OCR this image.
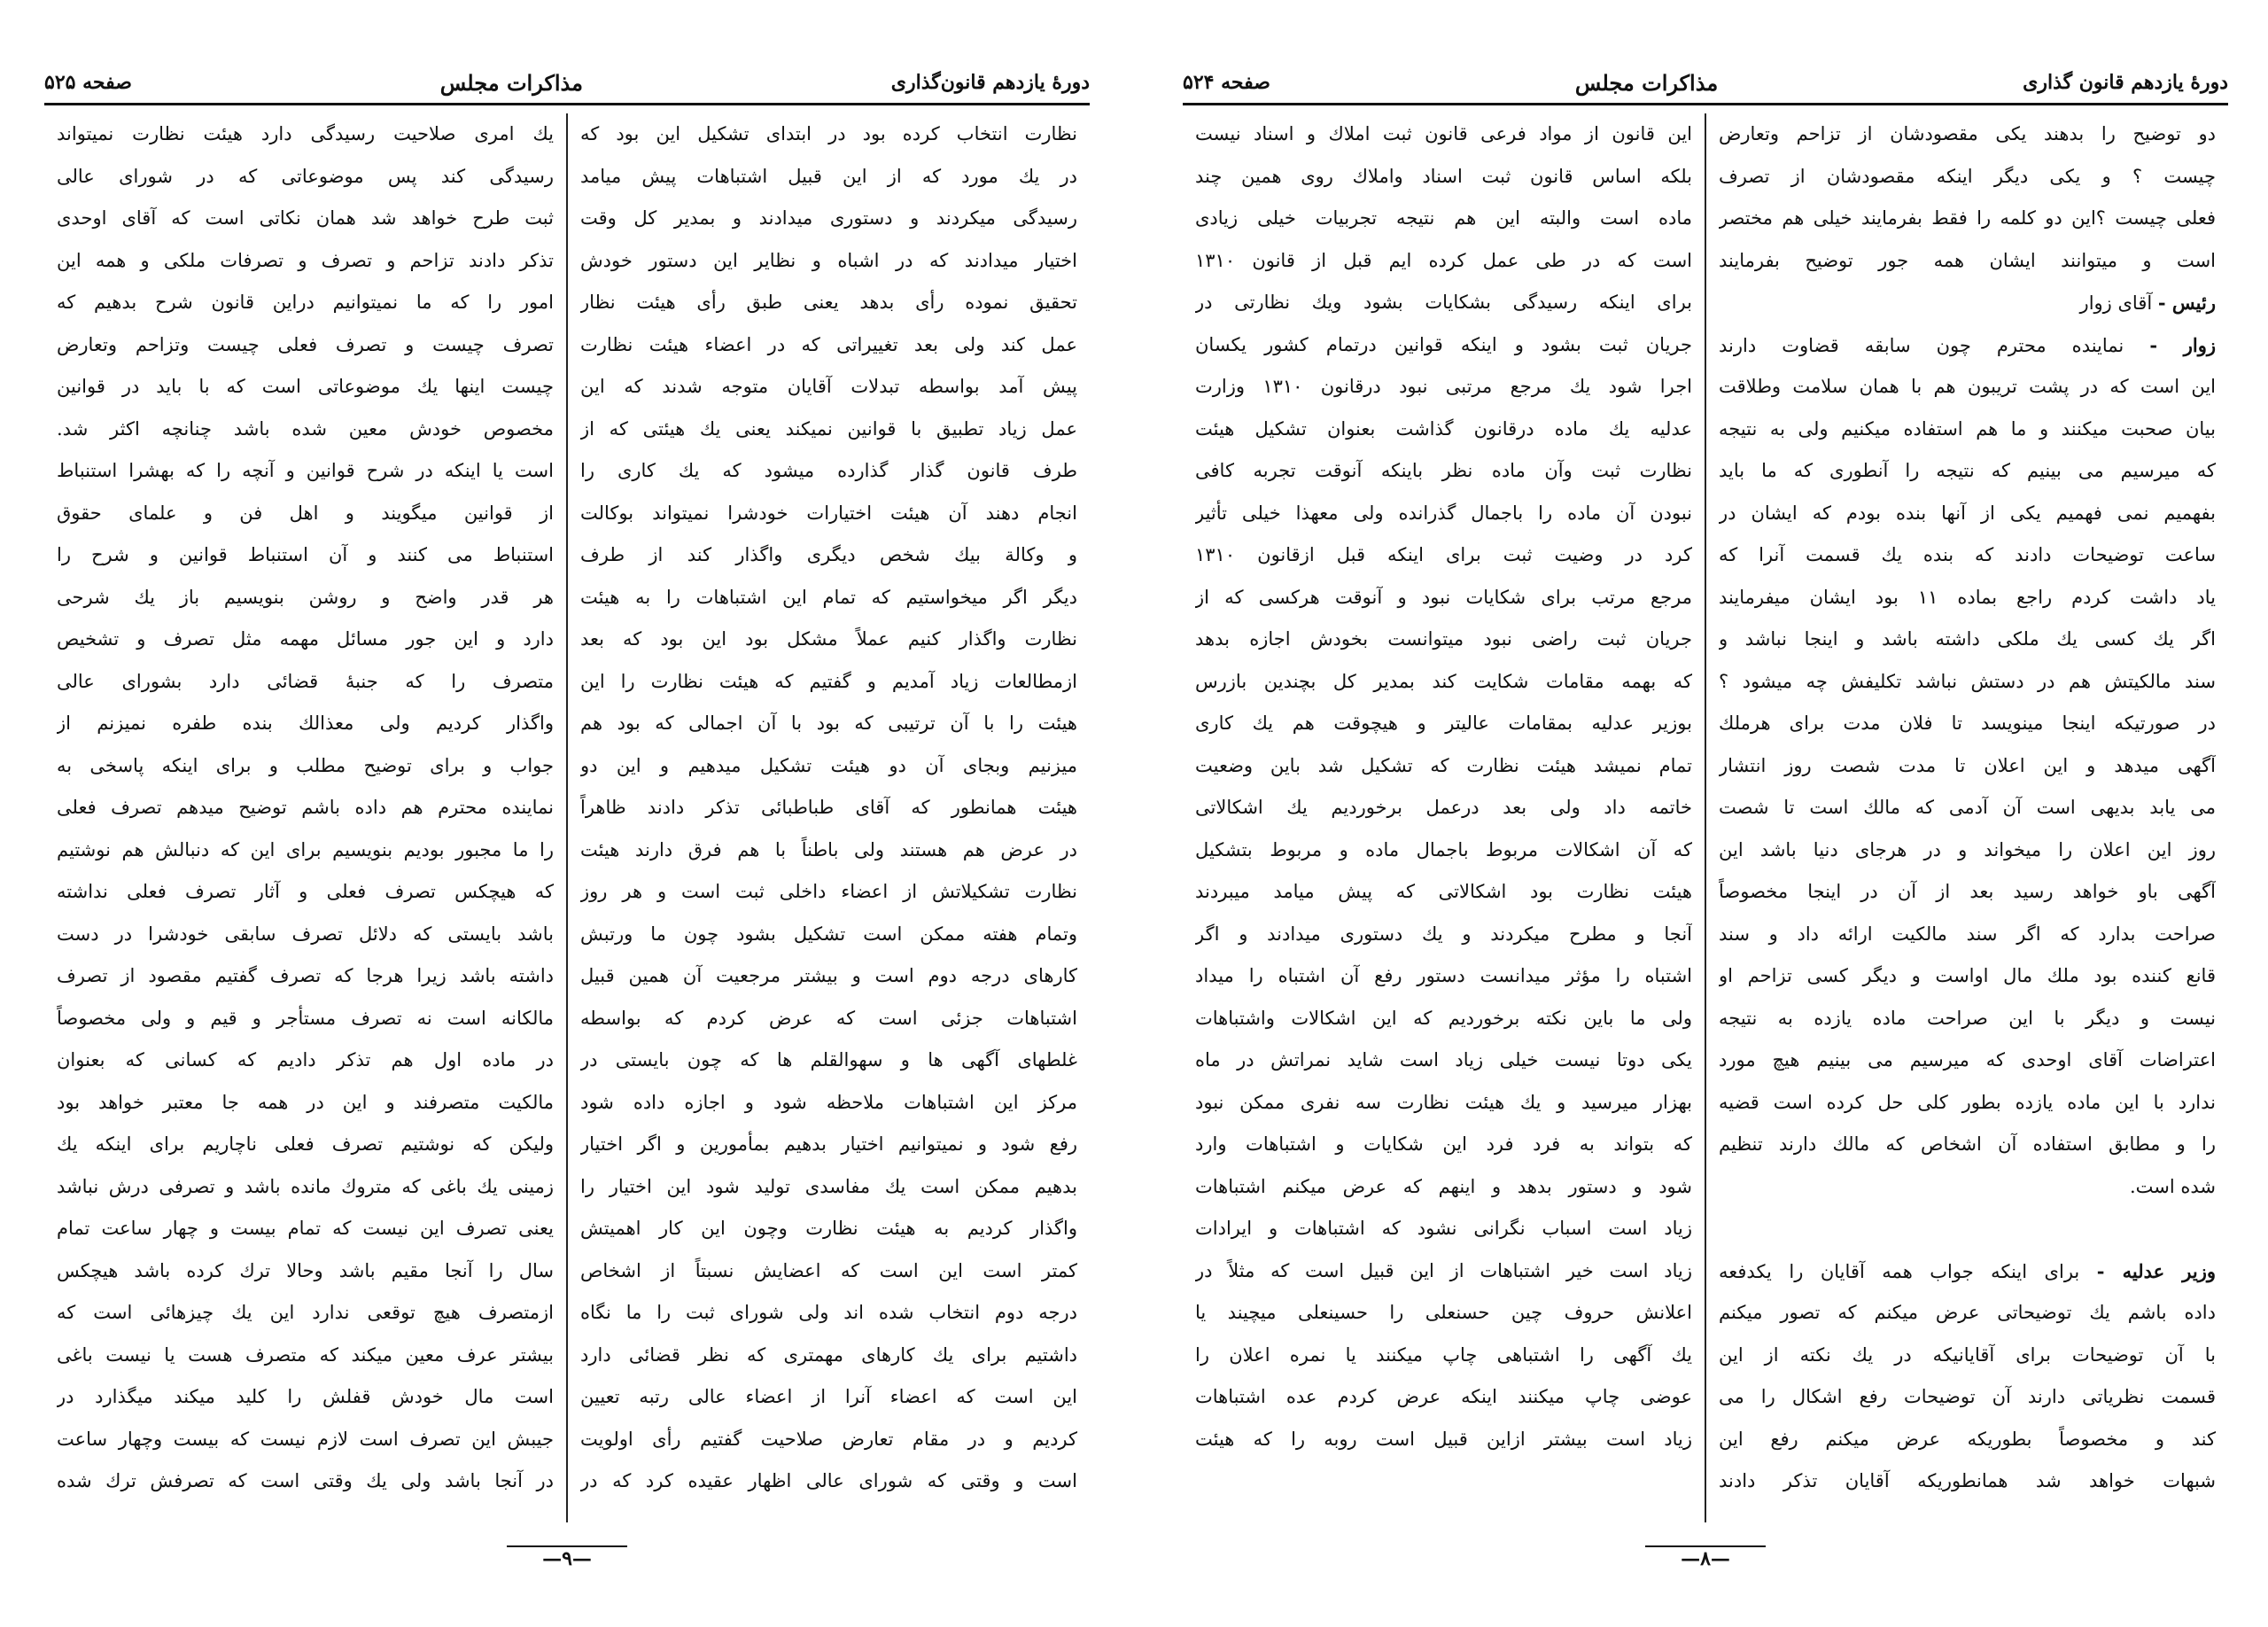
دورهٔ یازدهم قانون‌گذاری
مذاکرات مجلس
صفحه ۵۲۵
نظارت انتخاب کرده بود در ابتدای تشکیل این بود که
در یك مورد که از این قبیل اشتباهات پیش میامد
رسیدگی میکردند و دستوری میدادند و بمدیر کل وقت
اختیار میدادند که در اشباه و نظایر این دستور خودش
تحقیق نموده رأی بدهد یعنی طبق رأی هیئت نظار
عمل کند ولی بعد تغییراتی که در اعضاء هیئت نظارت
پیش آمد بواسطه تبدلات آقایان متوجه شدند که این
عمل زیاد تطبیق با قوانین نمیکند یعنی یك هیئتی که از
طرف قانون گذار گذارده میشود که یك کاری را
انجام دهند آن هیئت اختیارات خودشرا نمیتواند بوکالت
و وکالة بیك شخص دیگری واگذار کند از طرف
دیگر اگر میخواستیم که تمام این اشتباهات را به هیئت
نظارت واگذار کنیم عملاً مشکل بود این بود که بعد
ازمطالعات زیاد آمدیم و گفتیم که هیئت نظارت را این
هیئت را با آن ترتیبی که بود با آن اجمالی که بود هم
میزنیم وبجای آن دو هیئت تشکیل میدهیم و این دو
هیئت همانطور که آقای طباطبائی تذکر دادند ظاهراً
در عرض هم هستند ولی باطناً با هم فرق دارند هیئت
نظارت تشکیلاتش از اعضاء داخلی ثبت است و هر روز
وتمام هفته ممکن است تشکیل بشود چون ما ورتبش
کارهای درجه دوم است و بیشتر مرجعیت آن همین قبیل
اشتباهات جزئی است که عرض کردم که بواسطه
غلطهای آگهی ها و سهوالقلم ها که چون بایستی در
مرکز این اشتباهات ملاحظه شود و اجازه داده شود
رفع شود و نمیتوانیم اختیار بدهیم بمأمورین و اگر اختیار
بدهیم ممکن است یك مفاسدی تولید شود این اختیار را
واگذار کردیم به هیئت نظارت وچون این کار اهمیتش
کمتر است این است که اعضایش نسبتاً از اشخاص
درجه دوم انتخاب شده اند ولی شورای ثبت را ما نگاه
داشتیم برای یك کارهای مهمتری که نظر قضائی دارد
این است که اعضاء آنرا از اعضاء عالی رتبه تعیین
کردیم و در مقام تعارض صلاحیت گفتیم رأی اولویت
است و وقتی که شورای عالی اظهار عقیده کرد که در
یك امری صلاحیت رسیدگی دارد هیئت نظارت نمیتواند
رسیدگی کند پس موضوعاتی که در شورای عالی
ثبت طرح خواهد شد همان نکاتی است که آقای اوحدی
تذکر دادند تزاحم و تصرف و تصرفات ملکی و همه این
امور را که ما نمیتوانیم دراین قانون شرح بدهیم که
تصرف چیست و تصرف فعلی چیست وتزاحم وتعارض
چیست اینها یك موضوعاتی است که با باید در قوانین
مخصوص خودش معین شده باشد چنانچه اکثر شد.
است یا اینکه در شرح قوانین و آنچه را که بهشرا استنباط
از قوانین میگویند و اهل فن و علمای حقوق
استنباط می کنند و آن استنباط قوانین و شرح را
هر قدر واضح و روشن بنویسیم باز یك شرحی
دارد و این جور مسائل مهمه مثل تصرف و تشخیص
متصرف را که جنبهٔ قضائی دارد بشورای عالی
واگذار کردیم ولی معذالك بنده طفره نمیزنم از
جواب و برای توضیح مطلب و برای اینکه پاسخی به
نماینده محترم هم داده باشم توضیح میدهم تصرف فعلی
را ما مجبور بودیم بنویسیم برای این که دنبالش هم نوشتیم
که هیچکس تصرف فعلی و آثار تصرف فعلی نداشته
باشد بایستی که دلائل تصرف سابقی خودشرا در دست
داشته باشد زیرا هرجا که تصرف گفتیم مقصود از تصرف
مالکانه است نه تصرف مستأجر و قیم و ولی مخصوصاً
در ماده اول هم تذکر دادیم که کسانی که بعنوان
مالکیت متصرفند و این در همه جا معتبر خواهد بود
ولیکن که نوشتیم تصرف فعلی ناچاریم برای اینکه یك
زمینی یك باغی که متروك مانده باشد و تصرفی درش نباشد
یعنی تصرف این نیست که تمام بیست و چهار ساعت تمام
سال را آنجا مقیم باشد وحالا ترك کرده باشد هیچکس
ازمتصرف هیچ توقعی ندارد این یك چیزهائی است که
بیشتر عرف معین میکند که متصرف هست یا نیست باغی
است مال خودش قفلش را کلید میکند میگذارد در
جیبش این تصرف است لازم نیست که بیست وچهار ساعت
در آنجا باشد ولی یك وقتی است که تصرفش ترك شده
—۹—
دورهٔ یازدهم قانون گذاری
مذاکرات مجلس
صفحه ۵۲۴
دو توضیح را بدهند یکی مقصودشان از تزاحم وتعارض
چیست ؟ و یکی دیگر اینکه مقصودشان از تصرف
فعلی چیست ؟این دو کلمه را فقط بفرمایند خیلی هم مختصر
است و میتوانند ایشان همه جور توضیح بفرمایند
رئیس - آقای زوار
زوار - نماینده محترم چون سابقه قضاوت دارند
این است که در پشت تریبون هم با همان سلامت وطلاقت
بیان صحبت میکنند و ما هم استفاده میکنیم ولی به نتیجه
که میرسیم می بینیم که نتیجه را آنطوری که ما باید
بفهمیم نمی فهمیم یکی از آنها بنده بودم که ایشان در
ساعت توضیحات دادند که بنده یك قسمت آنرا که
یاد داشت کردم راجع بماده ۱۱ بود ایشان میفرمایند
اگر یك کسی یك ملکی داشته باشد و اینجا نباشد و
سند مالکیتش هم در دستش نباشد تکلیفش چه میشود ؟
در صورتیکه اینجا مینویسد تا فلان مدت برای هرملك
آگهی میدهد و این اعلان تا مدت شصت روز انتشار
می یابد بدیهی است آن آدمی که مالك است تا شصت
روز این اعلان را میخواند و در هرجای دنیا باشد این
آگهی باو خواهد رسید بعد از آن در اینجا مخصوصاً
صراحت بدارد که اگر سند مالکیت ارائه داد و سند
قانع کننده بود ملك مال اواست و دیگر کسی تزاحم او
نیست و دیگر با این صراحت ماده یازده به نتیجه
اعتراضات آقای اوحدی که میرسیم می بینیم هیچ مورد
ندارد با این ماده یازده بطور کلی حل کرده است قضیه
را و مطابق استفاده آن اشخاص که مالك دارند تنظیم
شده است.
وزیر عدلیه - برای اینکه جواب همه آقایان را یکدفعه
داده باشم یك توضیحاتی عرض میکنم که تصور میکنم
با آن توضیحات برای آقایانیکه در یك نکته از این
قسمت نظریاتی دارند آن توضیحات رفع اشکال را می
کند و مخصوصاً بطوریکه عرض میکنم رفع این
شبهات خواهد شد همانطوریکه آقایان تذکر دادند
این قانون از مواد فرعی قانون ثبت املاك و اسناد نیست
بلکه اساس قانون ثبت اسناد واملاك روی همین چند
ماده است والبته این هم نتیجه تجربیات خیلی زیادی
است که در طی عمل کرده ایم قبل از قانون ۱۳۱۰
برای اینکه رسیدگی بشکایات بشود ویك نظارتی در
جریان ثبت بشود و اینکه قوانین درتمام کشور یکسان
اجرا شود یك مرجع مرتبی نبود درقانون ۱۳۱۰ وزارت
عدلیه یك ماده درقانون گذاشت بعنوان تشکیل هیئت
نظارت ثبت وآن ماده نظر باینکه آنوقت تجربه کافی
نبودن آن ماده را باجمال گذرانده ولی معهذا خیلی تأثیر
کرد در وضیت ثبت برای اینکه قبل ازقانون ۱۳۱۰
مرجع مرتب برای شکایات نبود و آنوقت هرکسی که از
جریان ثبت راضی نبود میتوانست بخودش اجازه بدهد
که بهمه مقامات شکایت کند بمدیر کل بچندین بازرس
بوزیر عدلیه بمقامات عالیتر و هیچوقت هم یك کاری
تمام نمیشد هیئت نظارت که تشکیل شد باین وضعیت
خاتمه داد ولی بعد درعمل برخوردیم یك اشکالاتی
که آن اشکالات مربوط باجمال ماده و مربوط بتشکیل
هیئت نظارت بود اشکالاتی که پیش میامد میبردند
آنجا و مطرح میکردند و یك دستوری میدادند و اگر
اشتباه را مؤثر میدانست دستور رفع آن اشتباه را میداد
ولی ما باین نکته برخوردیم که این اشکالات واشتباهات
یکی دوتا نیست خیلی زیاد است شاید نمراتش در ماه
بهزار میرسید و یك هیئت نظارت سه نفری ممکن نبود
که بتواند به فرد فرد این شکایات و اشتباهات وارد
شود و دستور بدهد و اینهم که عرض میکنم اشتباهات
زیاد است اسباب نگرانی نشود که اشتباهات و ایرادات
زیاد است خیر اشتباهات از این قبیل است که مثلاً در
اعلانش حروف چین حسنعلی را حسینعلی میچیند یا
یك آگهی را اشتباهی چاپ میکنند یا نمره اعلان را
عوضی چاپ میکنند اینکه عرض کردم عده اشتباهات
زیاد است بیشتر ازاین قبیل است روبه را که هیئت
—۸—
